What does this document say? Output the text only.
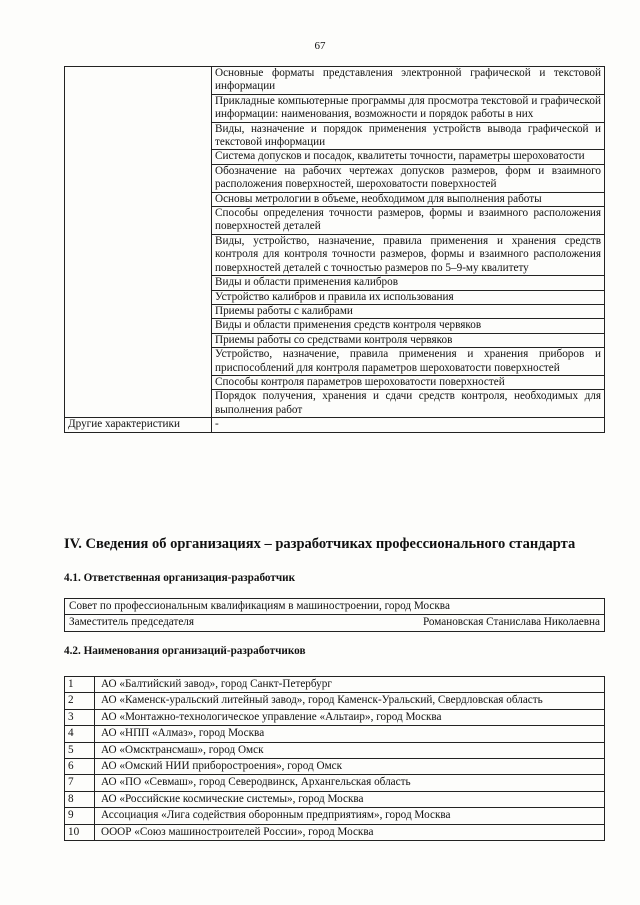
67
	Основные форматы представления электронной графической и текстовой информации
	Прикладные компьютерные программы для просмотра текстовой и графической информации: наименования, возможности и порядок работы в них
	Виды, назначение и порядок применения устройств вывода графической и текстовой информации
	Система допусков и посадок, квалитеты точности, параметры шероховатости
	Обозначение на рабочих чертежах допусков размеров, форм и взаимного расположения поверхностей, шероховатости поверхностей
	Основы метрологии в объеме, необходимом для выполнения работы
	Способы определения точности размеров, формы и взаимного расположения поверхностей деталей
	Виды, устройство, назначение, правила применения и хранения средств контроля для контроля точности размеров, формы и взаимного расположения поверхностей деталей с точностью размеров по 5–9-му квалитету
	Виды и области применения калибров
	Устройство калибров и правила их использования
	Приемы работы с калибрами
	Виды и области применения средств контроля червяков
	Приемы работы со средствами контроля червяков
	Устройство, назначение, правила применения и хранения приборов и приспособлений для контроля параметров шероховатости поверхностей
	Способы контроля параметров шероховатости поверхностей
	Порядок получения, хранения и сдачи средств контроля, необходимых для выполнения работ
Другие характеристики	-
IV. Сведения об организациях – разработчиках профессионального стандарта
4.1. Ответственная организация-разработчик
Совет по профессиональным квалификациям в машиностроении, город Москва
Заместитель председателя	Романовская Станислава Николаевна
4.2. Наименования организаций-разработчиков
1	АО «Балтийский завод», город Санкт-Петербург
2	АО «Каменск-уральский литейный завод», город Каменск-Уральский, Свердловская область
3	АО «Монтажно-технологическое управление «Альтаир», город Москва
4	АО «НПП «Алмаз», город Москва
5	АО «Омсктрансмаш», город Омск
6	АО «Омский НИИ приборостроения», город Омск
7	АО «ПО «Севмаш», город Северодвинск, Архангельская область
8	АО «Российские космические системы», город Москва
9	Ассоциация «Лига содействия оборонным предприятиям», город Москва
10	ОООР «Союз машиностроителей России», город Москва
